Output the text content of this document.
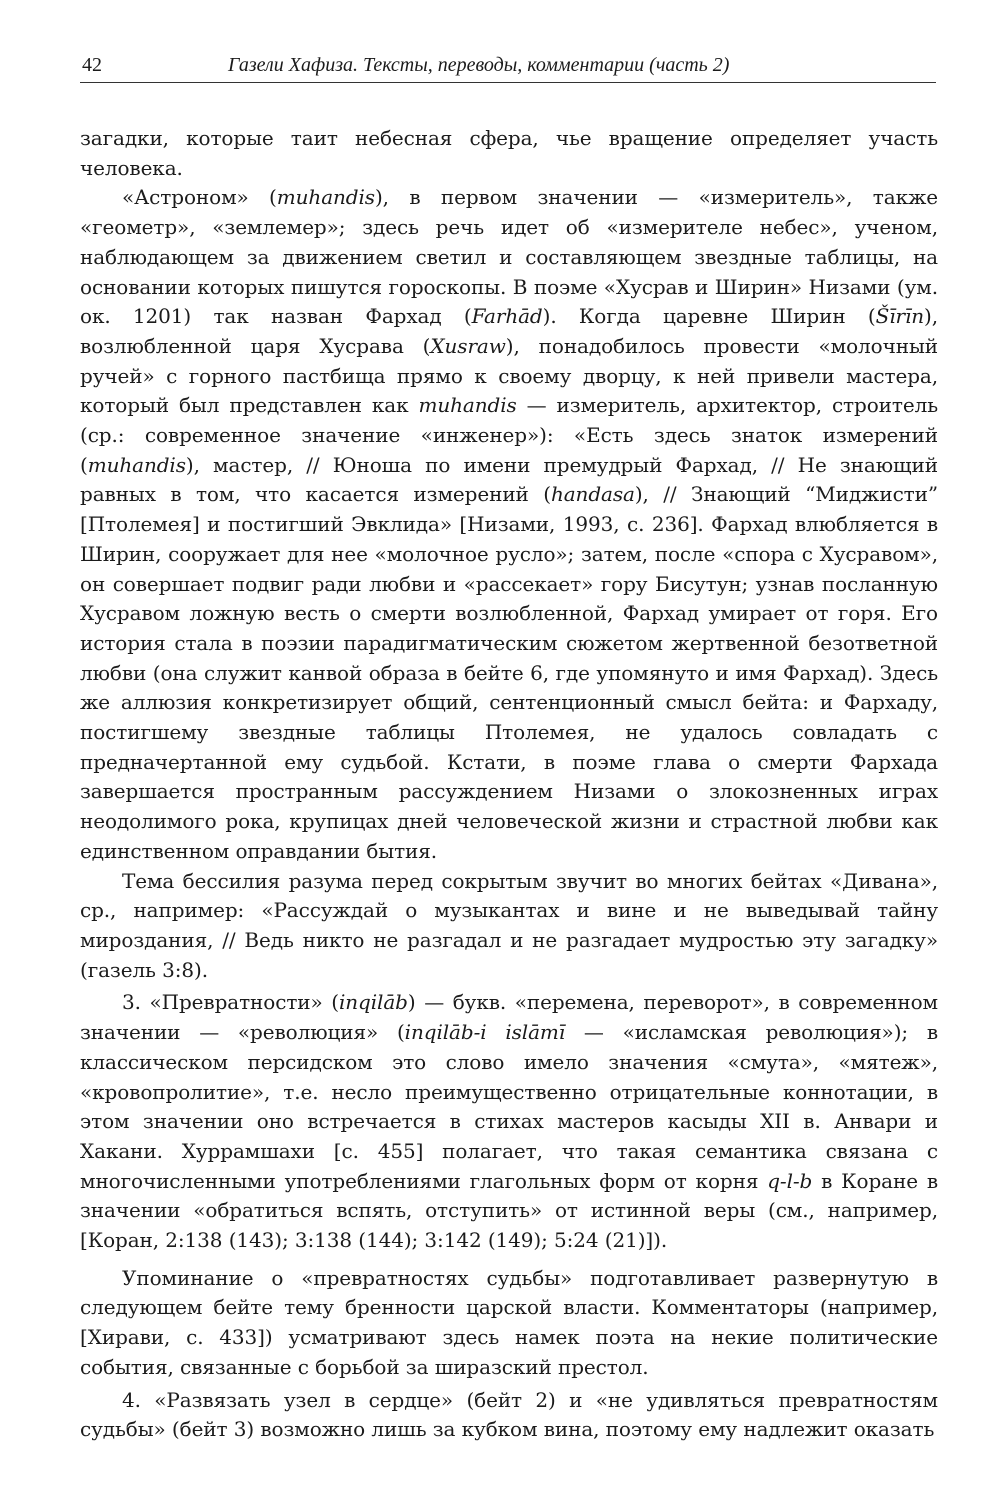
42	Газели Хафиза. Тексты, переводы, комментарии (часть 2)

загадки, которые таит небесная сфера, чье вращение определяет участь человека.

«Астроном» (muhandis), в первом значении — «измеритель», также «геометр», «землемер»; здесь речь идет об «измерителе небес», ученом, наблюдающем за движением светил и составляющем звездные таблицы, на основании которых пишутся гороскопы. В поэме «Хусрав и Ширин» Низами (ум. ок. 1201) так назван Фархад (Farhād). Когда царевне Ширин (Šīrīn), возлюбленной царя Хусрава (Xusraw), понадобилось провести «молочный ручей» с горного пастбища прямо к своему дворцу, к ней привели мастера, который был представлен как muhandis — измеритель, архитектор, строитель (ср.: современное значение «инженер»): «Есть здесь знаток измерений (muhandis), мастер, // Юноша по имени премудрый Фархад, // Не знающий равных в том, что касается измерений (handasa), // Знающий “Миджисти” [Птолемея] и постигший Эвклида» [Низами, 1993, с. 236]. Фархад влюбляется в Ширин, сооружает для нее «молочное русло»; затем, после «спора с Хусравом», он совершает подвиг ради любви и «рассекает» гору Бисутун; узнав посланную Хусравом ложную весть о смерти возлюбленной, Фархад умирает от горя. Его история стала в поэзии парадигматическим сюжетом жертвенной безответной любви (она служит канвой образа в бейте 6, где упомянуто и имя Фархад). Здесь же аллюзия конкретизирует общий, сентенционный смысл бейта: и Фархаду, постигшему звездные таблицы Птолемея, не удалось совладать с предначертанной ему судьбой. Кстати, в поэме глава о смерти Фархада завершается пространным рассуждением Низами о злокозненных играх неодолимого рока, крупицах дней человеческой жизни и страстной любви как единственном оправдании бытия.

Тема бессилия разума перед сокрытым звучит во многих бейтах «Дивана», ср., например: «Рассуждай о музыкантах и вине и не выведывай тайну мироздания, // Ведь никто не разгадал и не разгадает мудростью эту загадку» (газель 3:8).

3. «Превратности» (inqilāb) — букв. «перемена, переворот», в современном значении — «революция» (inqilāb-i islāmī — «исламская революция»); в классическом персидском это слово имело значения «смута», «мятеж», «кровопролитие», т.е. несло преимущественно отрицательные коннотации, в этом значении оно встречается в стихах мастеров касыды XII в. Анвари и Хакани. Хуррамшахи [с. 455] полагает, что такая семантика связана с многочисленными употреблениями глагольных форм от корня q-l-b в Коране в значении «обратиться вспять, отступить» от истинной веры (см., например, [Коран, 2:138 (143); 3:138 (144); 3:142 (149); 5:24 (21)]).

Упоминание о «превратностях судьбы» подготавливает развернутую в следующем бейте тему бренности царской власти. Комментаторы (например, [Хирави, с. 433]) усматривают здесь намек поэта на некие политические события, связанные с борьбой за ширазский престол.

4. «Развязать узел в сердце» (бейт 2) и «не удивляться превратностям судьбы» (бейт 3) возможно лишь за кубком вина, поэтому ему надлежит оказать
